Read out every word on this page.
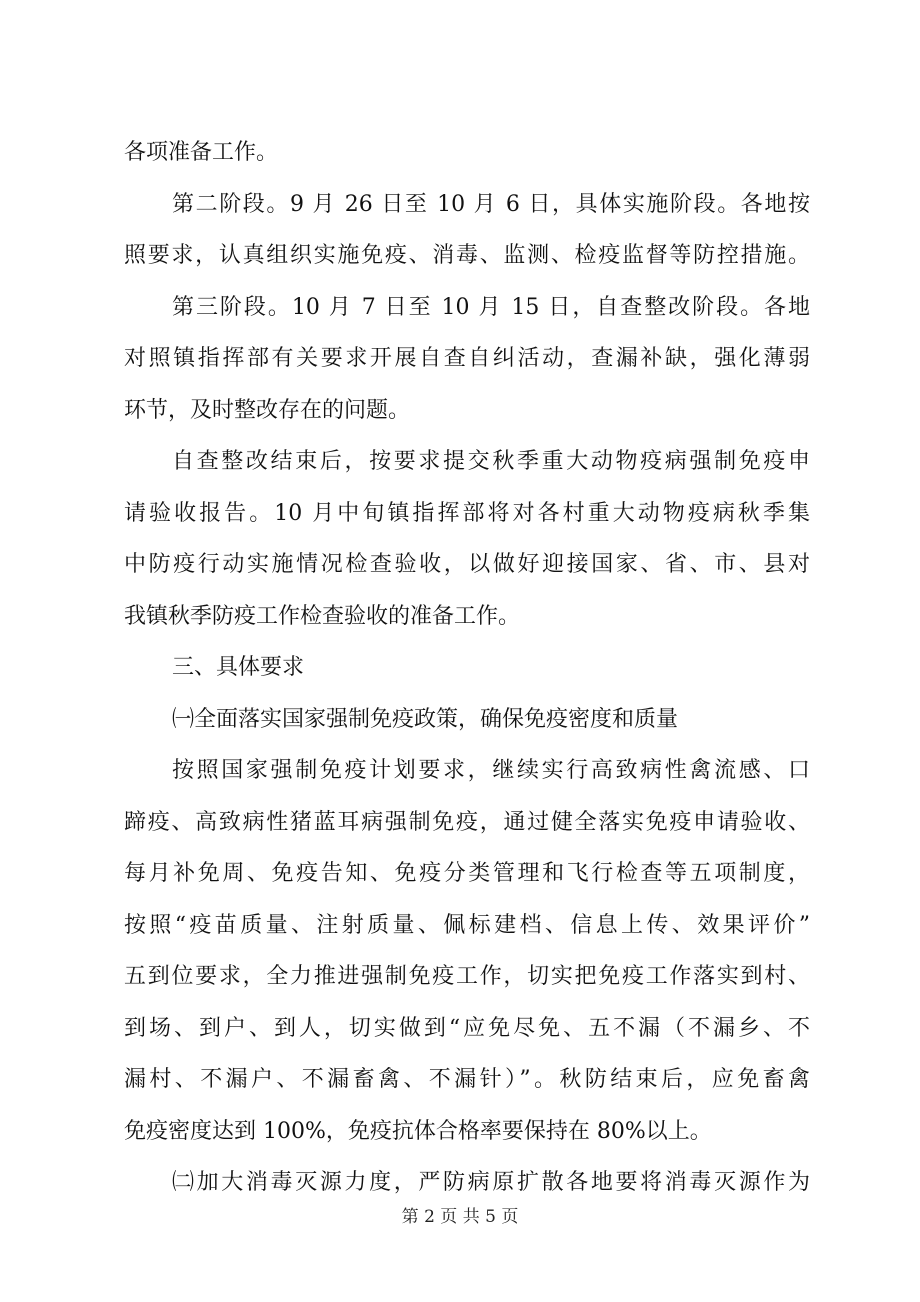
各项准备工作。
第二阶段。9 月 26 日至 10 月 6 日，具体实施阶段。各地按
照要求，认真组织实施免疫、消毒、监测、检疫监督等防控措施。
第三阶段。10 月 7 日至 10 月 15 日，自查整改阶段。各地
对照镇指挥部有关要求开展自查自纠活动，查漏补缺，强化薄弱
环节，及时整改存在的问题。
自查整改结束后，按要求提交秋季重大动物疫病强制免疫申
请验收报告。10 月中旬镇指挥部将对各村重大动物疫病秋季集
中防疫行动实施情况检查验收，以做好迎接国家、省、市、县对
我镇秋季防疫工作检查验收的准备工作。
三、具体要求
㈠全面落实国家强制免疫政策，确保免疫密度和质量
按照国家强制免疫计划要求，继续实行高致病性禽流感、口
蹄疫、高致病性猪蓝耳病强制免疫，通过健全落实免疫申请验收、
每月补免周、免疫告知、免疫分类管理和飞行检查等五项制度，
按照“疫苗质量、注射质量、佩标建档、信息上传、效果评价”
五到位要求，全力推进强制免疫工作，切实把免疫工作落实到村、
到场、到户、到人，切实做到“应免尽免、五不漏（不漏乡、不
漏村、不漏户、不漏畜禽、不漏针）”。秋防结束后，应免畜禽
免疫密度达到 100%，免疫抗体合格率要保持在 80%以上。
㈡加大消毒灭源力度，严防病原扩散各地要将消毒灭源作为
第 2 页 共 5 页
